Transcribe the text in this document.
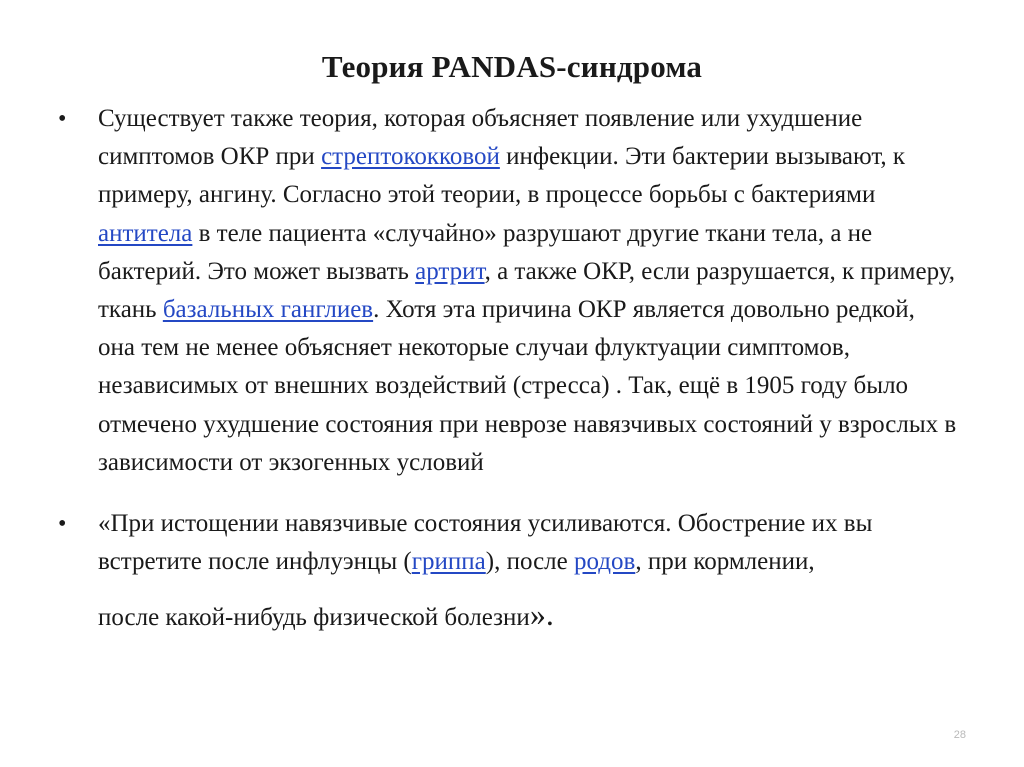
Теория PANDAS-синдрома
•	Существует также теория, которая объясняет появление или ухудшение симптомов ОКР при стрептококковой инфекции. Эти бактерии вызывают, к примеру, ангину. Согласно этой теории, в процессе борьбы с бактериями антитела в теле пациента «случайно» разрушают другие ткани тела, а не бактерий. Это может вызвать артрит, а также ОКР, если разрушается, к примеру, ткань базальных ганглиев. Хотя эта причина ОКР является довольно редкой, она тем не менее объясняет некоторые случаи флуктуации симптомов, независимых от внешних воздействий (стресса) . Так, ещё в 1905 году было отмечено ухудшение состояния при неврозе навязчивых состояний у взрослых в зависимости от экзогенных условий

•	«При истощении навязчивые состояния усиливаются. Обострение их вы встретите после инфлуэнцы (гриппа), после родов, при кормлении,
после какой-нибудь физической болезни».

28
